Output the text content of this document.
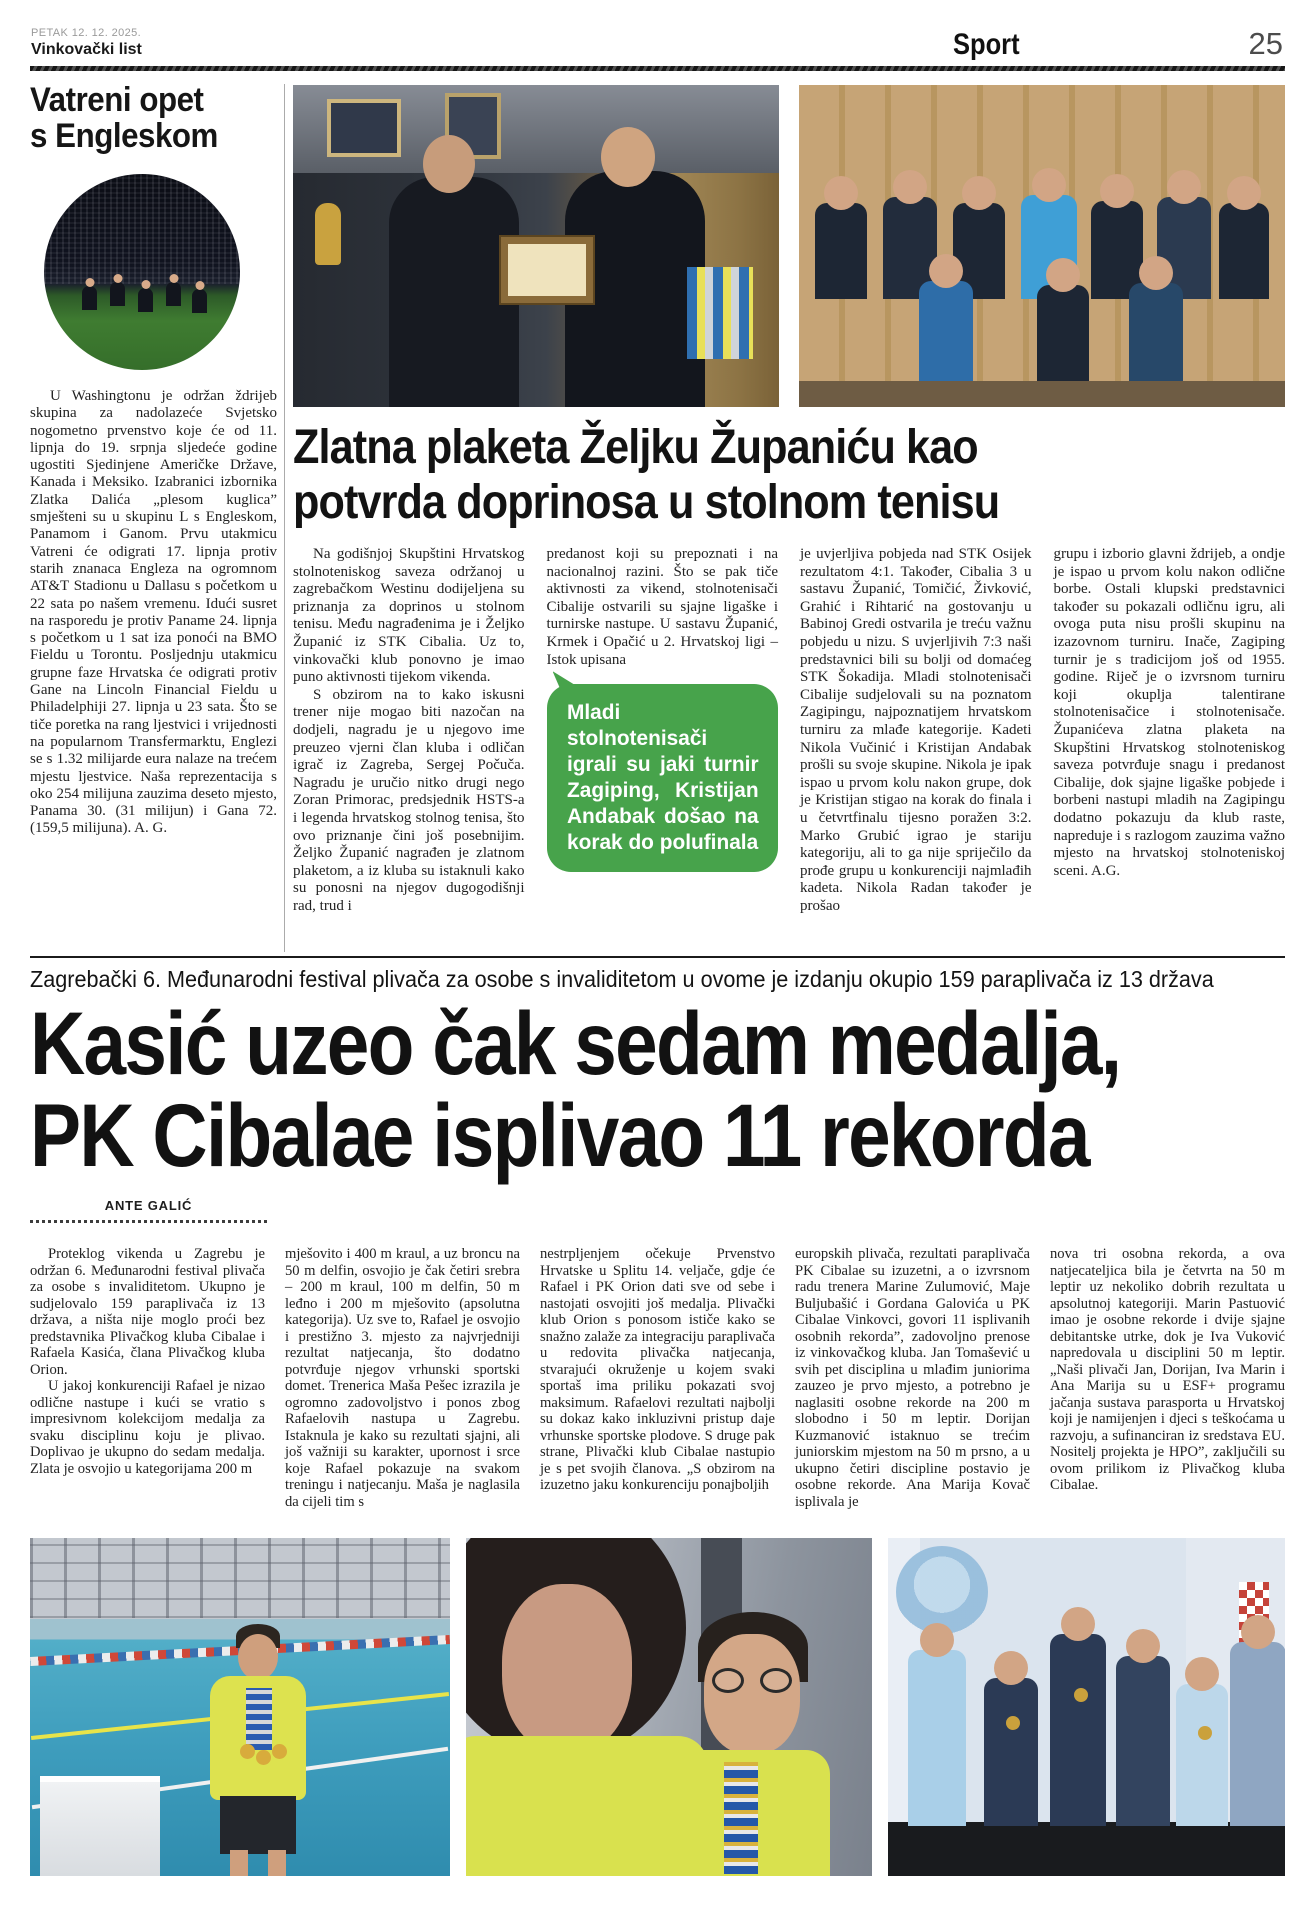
PETAK 12. 12. 2025.
Vinkovački list	Sport	25
Vatreni opet
s Engleskom

U Washingtonu je održan ždrijeb skupina za nadolazeće Svjetsko nogometno prvenstvo koje će od 11. lipnja do 19. srpnja sljedeće godine ugostiti Sjedinjene Američke Države, Kanada i Meksiko. Izabranici izbornika Zlatka Dalića „plesom kuglica” smješteni su u skupinu L s Engleskom, Panamom i Ganom. Prvu utakmicu Vatreni će odigrati 17. lipnja protiv starih znanaca Engleza na ogromnom AT&T Stadionu u Dallasu s početkom u 22 sata po našem vremenu. Idući susret na rasporedu je protiv Paname 24. lipnja s početkom u 1 sat iza ponoći na BMO Fieldu u Torontu. Posljednju utakmicu grupne faze Hrvatska će odigrati protiv Gane na Lincoln Financial Fieldu u Philadelphiji 27. lipnja u 23 sata. Što se tiče poretka na rang ljestvici i vrijednosti na popularnom Transfermarktu, Englezi se s 1.32 milijarde eura nalaze na trećem mjestu ljestvice. Naša reprezentacija s oko 254 milijuna zauzima deseto mjesto, Panama 30. (31 milijun) i Gana 72. (159,5 milijuna). A. G.

Zlatna plaketa Željku Županiću kao
potvrda doprinosa u stolnom tenisu

Na godišnjoj Skupštini Hrvatskog stolnoteniskog saveza održanoj u zagrebačkom Westinu dodijeljena su priznanja za doprinos u stolnom tenisu. Među nagrađenima je i Željko Županić iz STK Cibalia. Uz to, vinkovački klub ponovno je imao puno aktivnosti tijekom vikenda.

S obzirom na to kako iskusni trener nije mogao biti nazočan na dodjeli, nagradu je u njegovo ime preuzeo vjerni član kluba i odličan igrač iz Zagreba, Sergej Počuča. Nagradu je uručio nitko drugi nego Zoran Primorac, predsjednik HSTS-a i legenda hrvatskog stolnog tenisa, što ovo priznanje čini još posebnijim. Željko Županić nagrađen je zlatnom plaketom, a iz kluba su istaknuli kako su ponosni na njegov dugogodišnji rad, trud i

predanost koji su prepoznati i na nacionalnoj razini. Što se pak tiče aktivnosti za vikend, stolnotenisači Cibalije ostvarili su sjajne ligaške i turnirske nastupe. U sastavu Županić, Krmek i Opačić u 2. Hrvatskoj ligi – Istok upisana

Mladi stolnotenisači igrali su jaki turnir Zagiping, Kristijan Andabak došao na korak do polufinala

je uvjerljiva pobjeda nad STK Osijek rezultatom 4:1. Također, Cibalia 3 u sastavu Županić, Tomičić, Živković, Grahić i Rihtarić na gostovanju u Babinoj Gredi ostvarila je treću važnu pobjedu u nizu. S uvjerljivih 7:3 naši predstavnici bili su bolji od domaćeg STK Šokadija. Mladi stolnotenisači Cibalije sudjelovali su na poznatom Zagipingu, najpoznatijem hrvatskom turniru za mlađe kategorije. Kadeti Nikola Vučinić i Kristijan Andabak prošli su svoje skupine. Nikola je ipak ispao u prvom kolu nakon grupe, dok je Kristijan stigao na korak do finala i u četvrtfinalu tijesno poražen 3:2. Marko Grubić igrao je stariju kategoriju, ali to ga nije spriječilo da prođe grupu u konkurenciji najmlađih kadeta. Nikola Radan također je prošao

grupu i izborio glavni ždrijeb, a ondje je ispao u prvom kolu nakon odlične borbe. Ostali klupski predstavnici također su pokazali odličnu igru, ali ovoga puta nisu prošli skupinu na izazovnom turniru. Inače, Zagiping turnir je s tradicijom još od 1955. godine. Riječ je o izvrsnom turniru koji okuplja talentirane stolnotenisačice i stolnotenisače. Županićeva zlatna plaketa na Skupštini Hrvatskog stolnoteniskog saveza potvrđuje snagu i predanost Cibalije, dok sjajne ligaške pobjede i borbeni nastupi mladih na Zagipingu dodatno pokazuju da klub raste, napreduje i s razlogom zauzima važno mjesto na hrvatskoj stolnoteniskoj sceni. A.G.

Zagrebački 6. Međunarodni festival plivača za osobe s invaliditetom u ovome je izdanju okupio 159 paraplivača iz 13 država
Kasić uzeo čak sedam medalja,
PK Cibalae isplivao 11 rekorda
ANTE GALIĆ

Proteklog vikenda u Zagrebu je održan 6. Međunarodni festival plivača za osobe s invaliditetom. Ukupno je sudjelovalo 159 paraplivača iz 13 država, a ništa nije moglo proći bez predstavnika Plivačkog kluba Cibalae i Rafaela Kasića, člana Plivačkog kluba Orion.

U jakoj konkurenciji Rafael je nizao odlične nastupe i kući se vratio s impresivnom kolekcijom medalja za svaku disciplinu koju je plivao. Doplivao je ukupno do sedam medalja. Zlata je osvojio u kategorijama 200 m

mješovito i 400 m kraul, a uz broncu na 50 m delfin, osvojio je čak četiri srebra – 200 m kraul, 100 m delfin, 50 m leđno i 200 m mješovito (apsolutna kategorija). Uz sve to, Rafael je osvojio i prestižno 3. mjesto za najvrjedniji rezultat natjecanja, što dodatno potvrđuje njegov vrhunski sportski domet. Trenerica Maša Pešec izrazila je ogromno zadovoljstvo i ponos zbog Rafaelovih nastupa u Zagrebu. Istaknula je kako su rezultati sjajni, ali još važniji su karakter, upornost i srce koje Rafael pokazuje na svakom treningu i natjecanju. Maša je naglasila da cijeli tim s

nestrpljenjem očekuje Prvenstvo Hrvatske u Splitu 14. veljače, gdje će Rafael i PK Orion dati sve od sebe i nastojati osvojiti još medalja. Plivački klub Orion s ponosom ističe kako se snažno zalaže za integraciju paraplivača u redovita plivačka natjecanja, stvarajući okruženje u kojem svaki sportaš ima priliku pokazati svoj maksimum. Rafaelovi rezultati najbolji su dokaz kako inkluzivni pristup daje vrhunske sportske plodove. S druge pak strane, Plivački klub Cibalae nastupio je s pet svojih članova. „S obzirom na izuzetno jaku konkurenciju ponajboljih

europskih plivača, rezultati paraplivača PK Cibalae su izuzetni, a o izvrsnom radu trenera Marine Zulumović, Maje Buljubašić i Gordana Galovića u PK Cibalae Vinkovci, govori 11 isplivanih osobnih rekorda”, zadovoljno prenose iz vinkovačkog kluba. Jan Tomašević u svih pet disciplina u mlađim juniorima zauzeo je prvo mjesto, a potrebno je naglasiti osobne rekorde na 200 m slobodno i 50 m leptir. Dorijan Kuzmanović istaknuo se trećim juniorskim mjestom na 50 m prsno, a u ukupno četiri discipline postavio je osobne rekorde. Ana Marija Kovač isplivala je

nova tri osobna rekorda, a ova natjecateljica bila je četvrta na 50 m leptir uz nekoliko dobrih rezultata u apsolutnoj kategoriji. Marin Pastuović imao je osobne rekorde i dvije sjajne debitantske utrke, dok je Iva Vuković napredovala u disciplini 50 m leptir. „Naši plivači Jan, Dorijan, Iva Marin i Ana Marija su u ESF+ programu jačanja sustava parasporta u Hrvatskoj koji je namijenjen i djeci s teškoćama u razvoju, a sufinanciran iz sredstava EU. Nositelj projekta je HPO”, zaključili su ovom prilikom iz Plivačkog kluba Cibalae.
